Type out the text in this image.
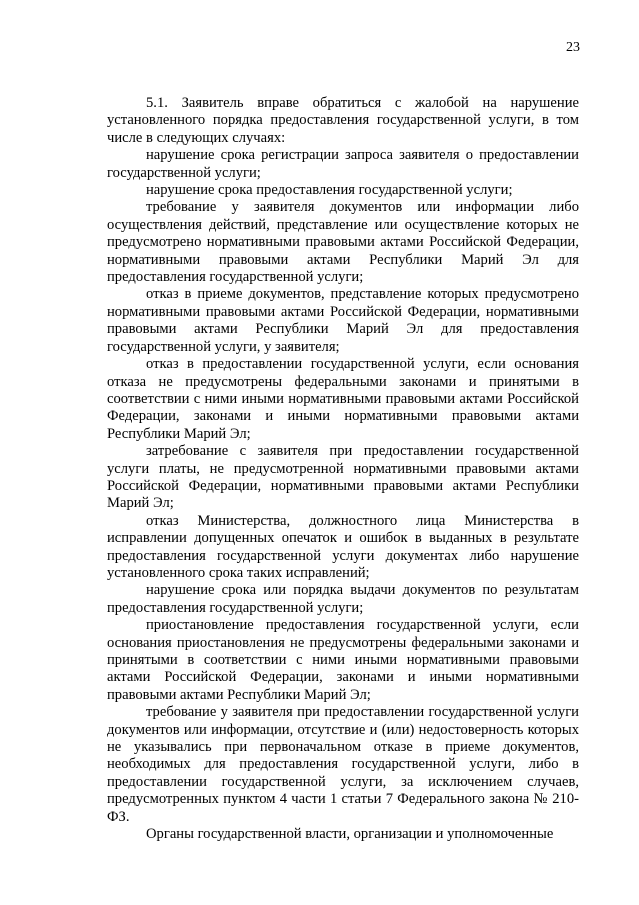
23

5.1. Заявитель вправе обратиться с жалобой на нарушение установленного порядка предоставления государственной услуги, в том числе в следующих случаях:

нарушение срока регистрации запроса заявителя о предоставлении государственной услуги;

нарушение срока предоставления государственной услуги;

требование у заявителя документов или информации либо осуществления действий, представление или осуществление которых не предусмотрено нормативными правовыми актами Российской Федерации, нормативными правовыми актами Республики Марий Эл для предоставления государственной услуги;

отказ в приеме документов, представление которых предусмотрено нормативными правовыми актами Российской Федерации, нормативными правовыми актами Республики Марий Эл для предоставления государственной услуги, у заявителя;

отказ в предоставлении государственной услуги, если основания отказа не предусмотрены федеральными законами и принятыми в соответствии с ними иными нормативными правовыми актами Российской Федерации, законами и иными нормативными правовыми актами Республики Марий Эл;

затребование с заявителя при предоставлении государственной услуги платы, не предусмотренной нормативными правовыми актами Российской Федерации, нормативными правовыми актами Республики Марий Эл;

отказ Министерства, должностного лица Министерства в исправлении допущенных опечаток и ошибок в выданных в результате предоставления государственной услуги документах либо нарушение установленного срока таких исправлений;

нарушение срока или порядка выдачи документов по результатам предоставления государственной услуги;

приостановление предоставления государственной услуги, если основания приостановления не предусмотрены федеральными законами и принятыми в соответствии с ними иными нормативными правовыми актами Российской Федерации, законами и иными нормативными правовыми актами Республики Марий Эл;

требование у заявителя при предоставлении государственной услуги документов или информации, отсутствие и (или) недостоверность которых не указывались при первоначальном отказе в приеме документов, необходимых для предоставления государственной услуги, либо в предоставлении государственной услуги, за исключением случаев, предусмотренных пунктом 4 части 1 статьи 7 Федерального закона № 210-ФЗ.

Органы государственной власти, организации и уполномоченные
